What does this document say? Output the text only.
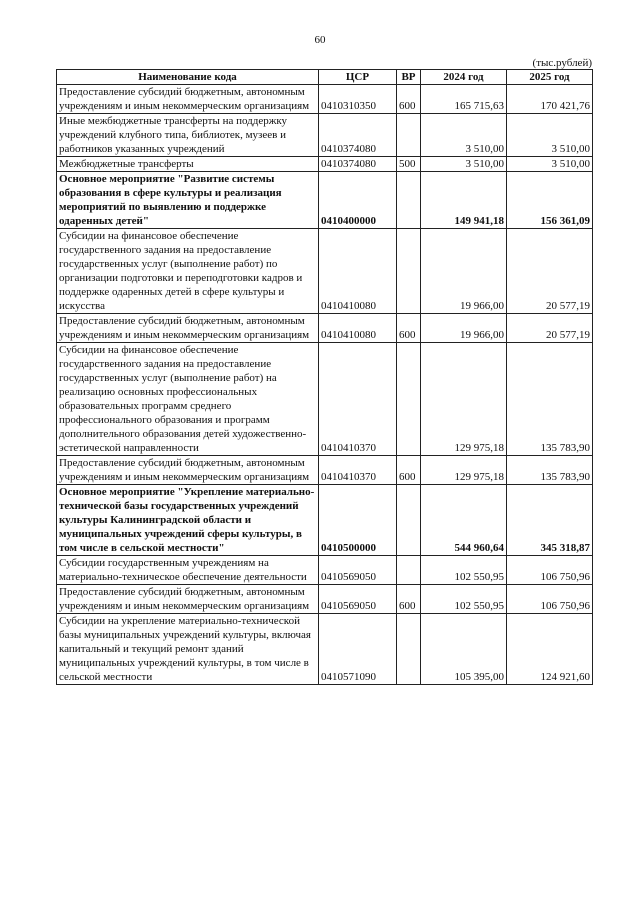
60
(тыс.рублей)
Наименование кода	ЦСР	ВР	2024 год	2025 год
Предоставление субсидий бюджетным, автономным учреждениям и иным некоммерческим организациям	0410310350	600	165 715,63	170 421,76
Иные межбюджетные трансферты на поддержку учреждений клубного типа, библиотек, музеев и работников указанных учреждений	0410374080		3 510,00	3 510,00
Межбюджетные трансферты	0410374080	500	3 510,00	3 510,00
Основное мероприятие "Развитие системы образования в сфере культуры и реализация мероприятий по выявлению и поддержке одаренных детей"	0410400000		149 941,18	156 361,09
Субсидии на финансовое обеспечение государственного задания на предоставление государственных услуг (выполнение работ) по организации подготовки и переподготовки кадров и поддержке одаренных детей в сфере культуры и искусства	0410410080		19 966,00	20 577,19
Предоставление субсидий бюджетным, автономным учреждениям и иным некоммерческим организациям	0410410080	600	19 966,00	20 577,19
Субсидии на финансовое обеспечение государственного задания на предоставление государственных услуг (выполнение работ) на реализацию основных профессиональных образовательных программ среднего профессионального образования и программ дополнительного образования детей художественно-эстетической направленности	0410410370		129 975,18	135 783,90
Предоставление субсидий бюджетным, автономным учреждениям и иным некоммерческим организациям	0410410370	600	129 975,18	135 783,90
Основное мероприятие "Укрепление материально-технической базы государственных учреждений культуры Калининградской области и муниципальных учреждений сферы культуры, в том числе в сельской местности"	0410500000		544 960,64	345 318,87
Субсидии государственным учреждениям на материально-техническое обеспечение деятельности	0410569050		102 550,95	106 750,96
Предоставление субсидий бюджетным, автономным учреждениям и иным некоммерческим организациям	0410569050	600	102 550,95	106 750,96
Субсидии на укрепление материально-технической базы муниципальных учреждений культуры, включая капитальный и текущий ремонт зданий муниципальных учреждений культуры, в том числе в сельской местности	0410571090		105 395,00	124 921,60
